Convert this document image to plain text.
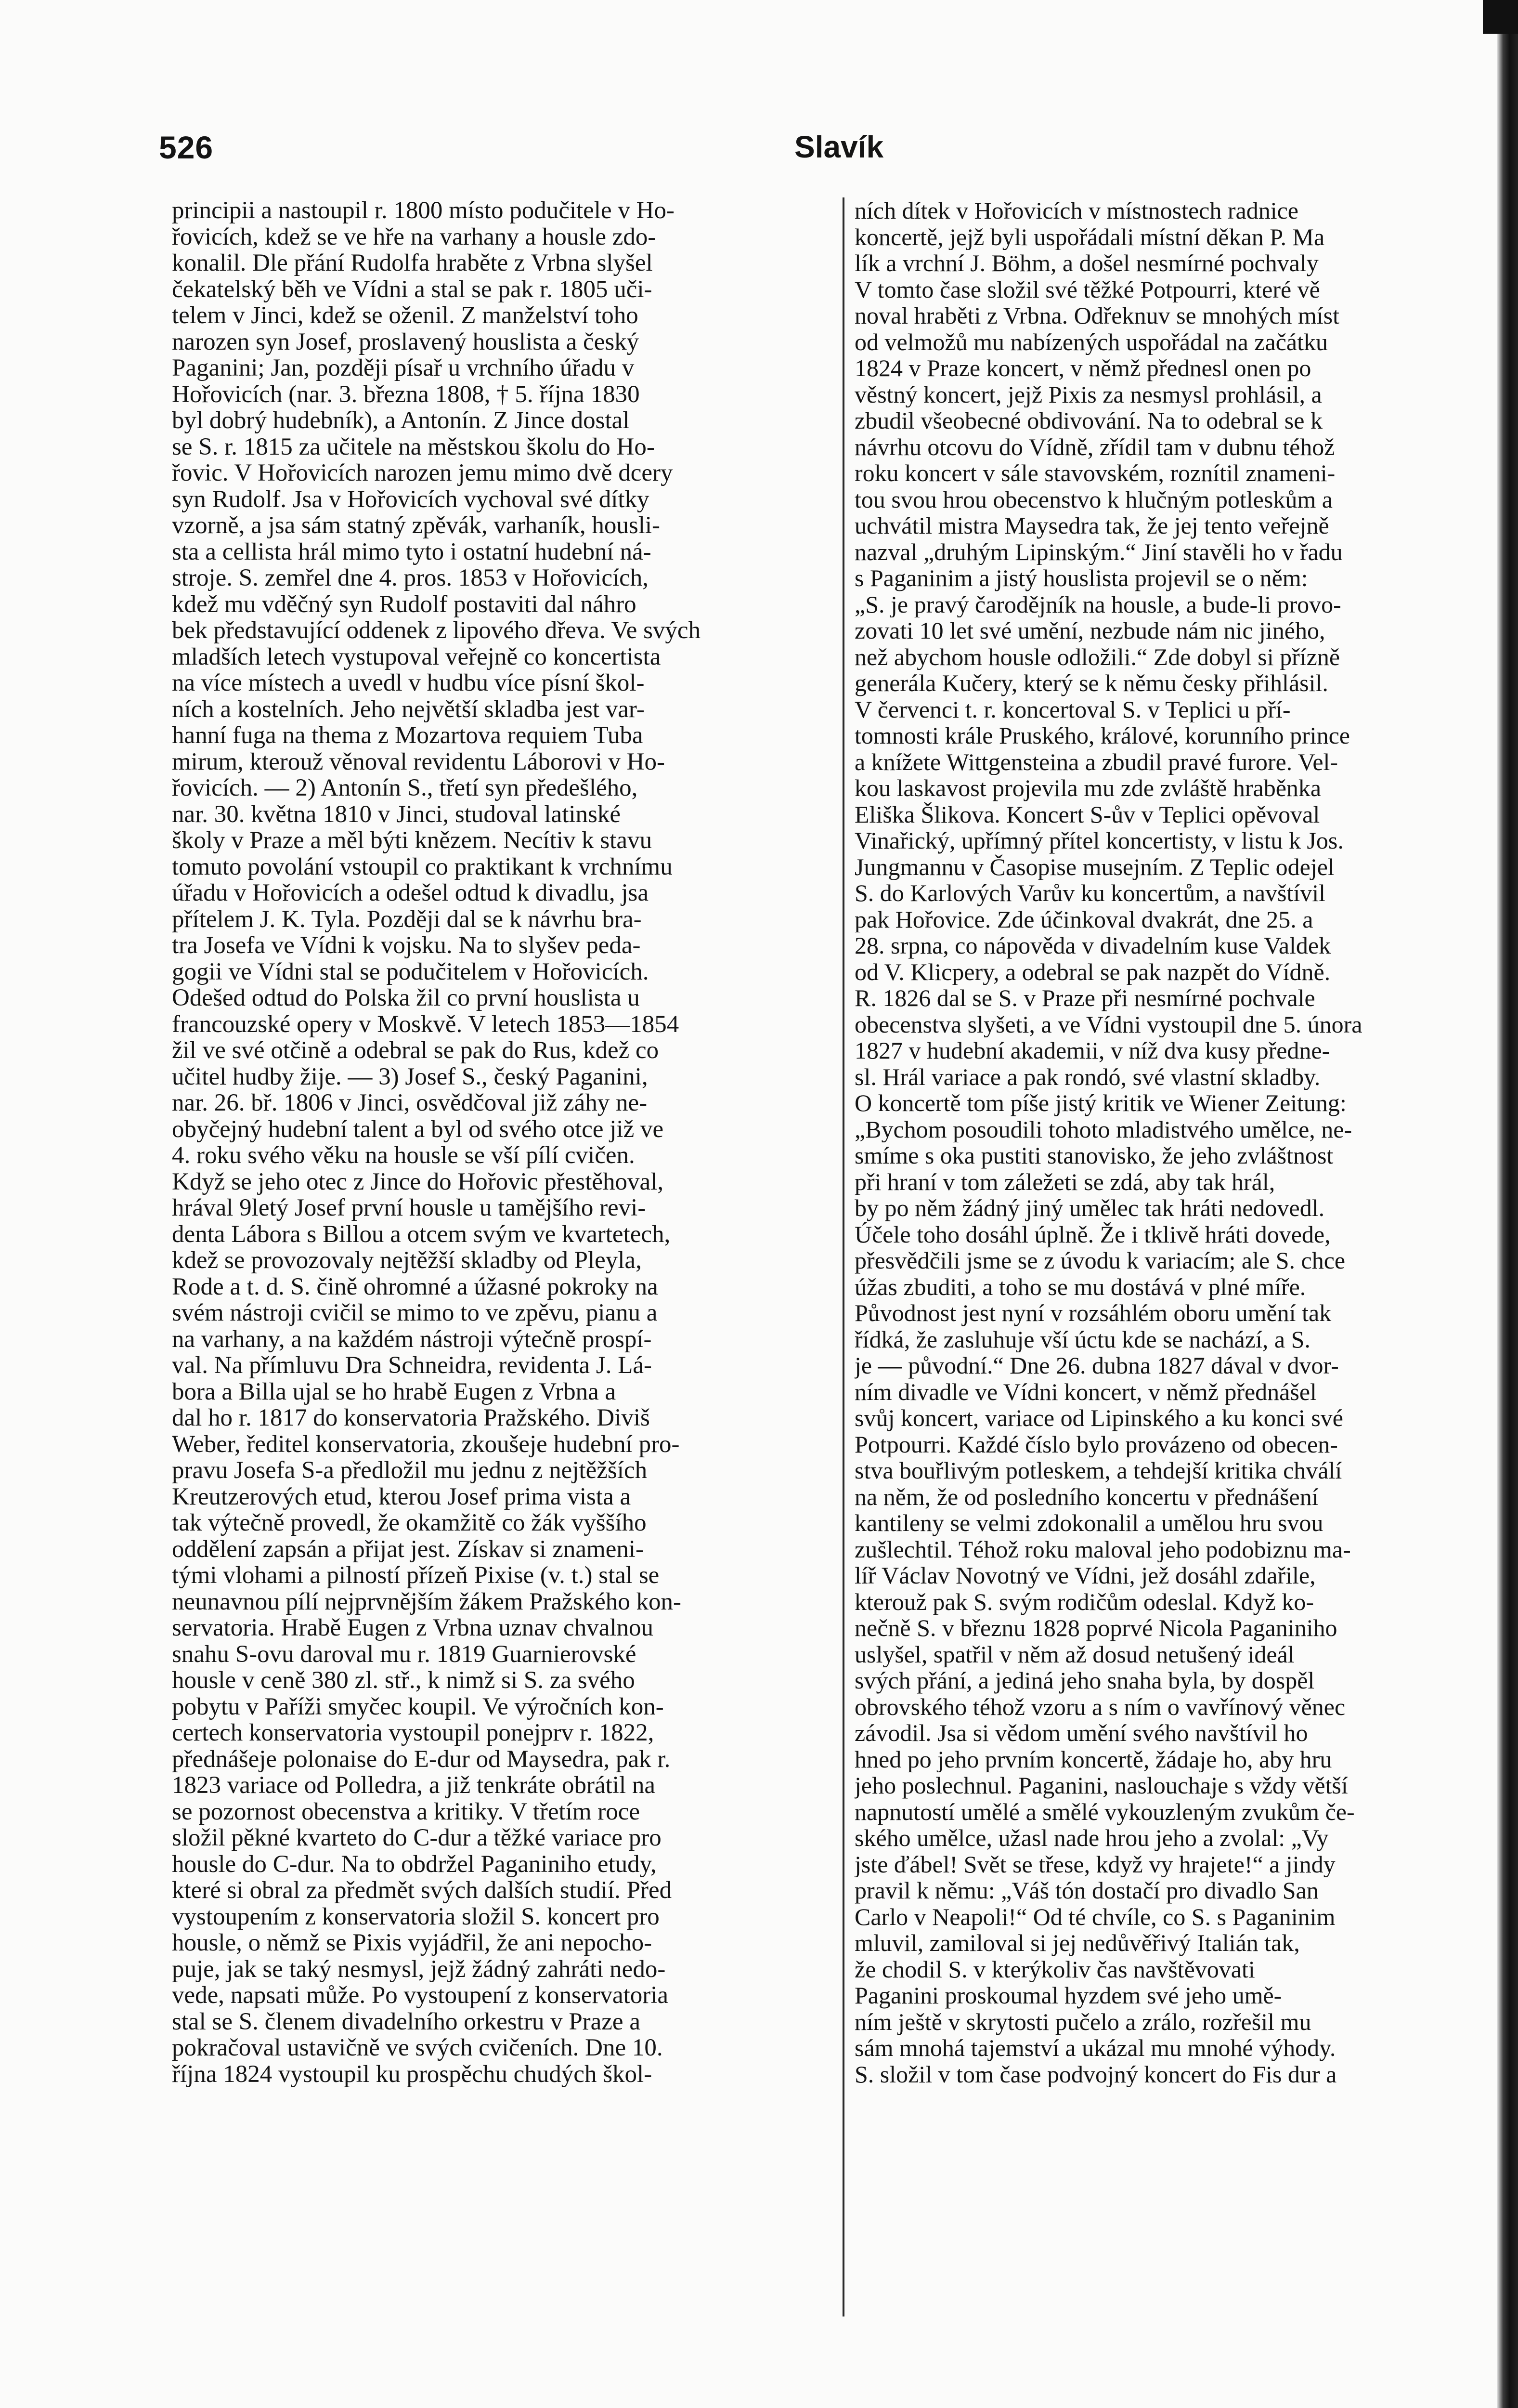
526	Slavík
principii a nastoupil r. 1800 místo podučitele v Ho-
řovicích, kdež se ve hře na varhany a housle zdo-
konalil. Dle přání Rudolfa hraběte z Vrbna slyšel
čekatelský běh ve Vídni a stal se pak r. 1805 uči-
telem v Jinci, kdež se oženil. Z manželství toho
narozen syn Josef, proslavený houslista a český
Paganini; Jan, později písař u vrchního úřadu v
Hořovicích (nar. 3. března 1808, † 5. října 1830
byl dobrý hudebník), a Antonín. Z Jince dostal
se S. r. 1815 za učitele na městskou školu do Ho-
řovic. V Hořovicích narozen jemu mimo dvě dcery
syn Rudolf. Jsa v Hořovicích vychoval své dítky
vzorně, a jsa sám statný zpěvák, varhaník, housli-
sta a cellista hrál mimo tyto i ostatní hudební ná-
stroje. S. zemřel dne 4. pros. 1853 v Hořovicích,
kdež mu vděčný syn Rudolf postaviti dal náhro
bek představující oddenek z lipového dřeva. Ve svých
mladších letech vystupoval veřejně co koncertista
na více místech a uvedl v hudbu více písní škol-
ních a kostelních. Jeho největší skladba jest var-
hanní fuga na thema z Mozartova requiem Tuba
mirum, kterouž věnoval revidentu Láborovi v Ho-
řovicích. — 2) Antonín S., třetí syn předešlého,
nar. 30. května 1810 v Jinci, studoval latinské
školy v Praze a měl býti knězem. Necítiv k stavu
tomuto povolání vstoupil co praktikant k vrchnímu
úřadu v Hořovicích a odešel odtud k divadlu, jsa
přítelem J. K. Tyla. Později dal se k návrhu bra-
tra Josefa ve Vídni k vojsku. Na to slyšev peda-
gogii ve Vídni stal se podučitelem v Hořovicích.
Odešed odtud do Polska žil co první houslista u
francouzské opery v Moskvě. V letech 1853—1854
žil ve své otčině a odebral se pak do Rus, kdež co
učitel hudby žije. — 3) Josef S., český Paganini,
nar. 26. bř. 1806 v Jinci, osvědčoval již záhy ne-
obyčejný hudební talent a byl od svého otce již ve
4. roku svého věku na housle se vší pílí cvičen.
Když se jeho otec z Jince do Hořovic přestěhoval,
hrával 9letý Josef první housle u tamějšího revi-
denta Lábora s Billou a otcem svým ve kvartetech,
kdež se provozovaly nejtěžší skladby od Pleyla,
Rode a t. d. S. čině ohromné a úžasné pokroky na
svém nástroji cvičil se mimo to ve zpěvu, pianu a
na varhany, a na každém nástroji výtečně prospí-
val. Na přímluvu Dra Schneidra, revidenta J. Lá-
bora a Billa ujal se ho hrabě Eugen z Vrbna a
dal ho r. 1817 do konservatoria Pražského. Diviš
Weber, ředitel konservatoria, zkoušeje hudební pro-
pravu Josefa S-a předložil mu jednu z nejtěžších
Kreutzerových etud, kterou Josef prima vista a
tak výtečně provedl, že okamžitě co žák vyššího
oddělení zapsán a přijat jest. Získav si znameni-
tými vlohami a pilností přízeň Pixise (v. t.) stal se
neunavnou pílí nejprvnějším žákem Pražského kon-
servatoria. Hrabě Eugen z Vrbna uznav chvalnou
snahu S-ovu daroval mu r. 1819 Guarnierovské
housle v ceně 380 zl. stř., k nimž si S. za svého
pobytu v Paříži smyčec koupil. Ve výročních kon-
certech konservatoria vystoupil ponejprv r. 1822,
přednášeje polonaise do E-dur od Maysedra, pak r.
1823 variace od Polledra, a již tenkráte obrátil na
se pozornost obecenstva a kritiky. V třetím roce
složil pěkné kvarteto do C-dur a těžké variace pro
housle do C-dur. Na to obdržel Paganiniho etudy,
které si obral za předmět svých dalších studií. Před
vystoupením z konservatoria složil S. koncert pro
housle, o němž se Pixis vyjádřil, že ani nepocho-
puje, jak se taký nesmysl, jejž žádný zahráti nedo-
vede, napsati může. Po vystoupení z konservatoria
stal se S. členem divadelního orkestru v Praze a
pokračoval ustavičně ve svých cvičeních. Dne 10.
října 1824 vystoupil ku prospěchu chudých škol-
ních dítek v Hořovicích v místnostech radnice
koncertě, jejž byli uspořádali místní děkan P. Ma
lík a vrchní J. Böhm, a došel nesmírné pochvaly
V tomto čase složil své těžké Potpourri, které vě
noval hraběti z Vrbna. Odřeknuv se mnohých míst
od velmožů mu nabízených uspořádal na začátku
1824 v Praze koncert, v němž přednesl onen po
věstný koncert, jejž Pixis za nesmysl prohlásil, a
zbudil všeobecné obdivování. Na to odebral se k
návrhu otcovu do Vídně, zřídil tam v dubnu téhož
roku koncert v sále stavovském, roznítil znameni-
tou svou hrou obecenstvo k hlučným potleskům a
uchvátil mistra Maysedra tak, že jej tento veřejně
nazval „druhým Lipinským.“ Jiní stavěli ho v řadu
s Paganinim a jistý houslista projevil se o něm:
„S. je pravý čarodějník na housle, a bude-li provo-
zovati 10 let své umění, nezbude nám nic jiného,
než abychom housle odložili.“ Zde dobyl si přízně
generála Kučery, který se k němu česky přihlásil.
V červenci t. r. koncertoval S. v Teplici u pří-
tomnosti krále Pruského, králové, korunního prince
a knížete Wittgensteina a zbudil pravé furore. Vel-
kou laskavost projevila mu zde zvláště hraběnka
Eliška Šlikova. Koncert S-ův v Teplici opěvoval
Vinařický, upřímný přítel koncertisty, v listu k Jos.
Jungmannu v Časopise musejním. Z Teplic odejel
S. do Karlových Varův ku koncertům, a navštívil
pak Hořovice. Zde účinkoval dvakrát, dne 25. a
28. srpna, co nápověda v divadelním kuse Valdek
od V. Klicpery, a odebral se pak nazpět do Vídně.
R. 1826 dal se S. v Praze při nesmírné pochvale
obecenstva slyšeti, a ve Vídni vystoupil dne 5. února
1827 v hudební akademii, v níž dva kusy předne-
sl. Hrál variace a pak rondó, své vlastní skladby.
O koncertě tom píše jistý kritik ve Wiener Zeitung:
„Bychom posoudili tohoto mladistvého umělce, ne-
smíme s oka pustiti stanovisko, že jeho zvláštnost
při hraní v tom záležeti se zdá, aby tak hrál,
by po něm žádný jiný umělec tak hráti nedovedl.
Účele toho dosáhl úplně. Že i tklivě hráti dovede,
přesvědčili jsme se z úvodu k variacím; ale S. chce
úžas zbuditi, a toho se mu dostává v plné míře.
Původnost jest nyní v rozsáhlém oboru umění tak
řídká, že zasluhuje vší úctu kde se nachází, a S.
je — původní.“ Dne 26. dubna 1827 dával v dvor-
ním divadle ve Vídni koncert, v němž přednášel
svůj koncert, variace od Lipinského a ku konci své
Potpourri. Každé číslo bylo provázeno od obecen-
stva bouřlivým potleskem, a tehdejší kritika chválí
na něm, že od posledního koncertu v přednášení
kantileny se velmi zdokonalil a umělou hru svou
zušlechtil. Téhož roku maloval jeho podobiznu ma-
líř Václav Novotný ve Vídni, jež dosáhl zdařile,
kterouž pak S. svým rodičům odeslal. Když ko-
nečně S. v březnu 1828 poprvé Nicola Paganiniho
uslyšel, spatřil v něm až dosud netušený ideál
svých přání, a jediná jeho snaha byla, by dospěl
obrovského téhož vzoru a s ním o vavřínový věnec
závodil. Jsa si vědom umění svého navštívil ho
hned po jeho prvním koncertě, žádaje ho, aby hru
jeho poslechnul. Paganini, naslouchaje s vždy větší
napnutostí umělé a smělé vykouzleným zvukům če-
ského umělce, užasl nade hrou jeho a zvolal: „Vy
jste ďábel! Svět se třese, když vy hrajete!“ a jindy
pravil k němu: „Váš tón dostačí pro divadlo San
Carlo v Neapoli!“ Od té chvíle, co S. s Paganinim
mluvil, zamiloval si jej nedůvěřivý Italián tak,
že chodil S. v kterýkoliv čas navštěvovati
Paganini proskoumal hyzdem své jeho umě-
ním ještě v skrytosti pučelo a zrálo, rozřešil mu
sám mnohá tajemství a ukázal mu mnohé výhody.
S. složil v tom čase podvojný koncert do Fis dur a
